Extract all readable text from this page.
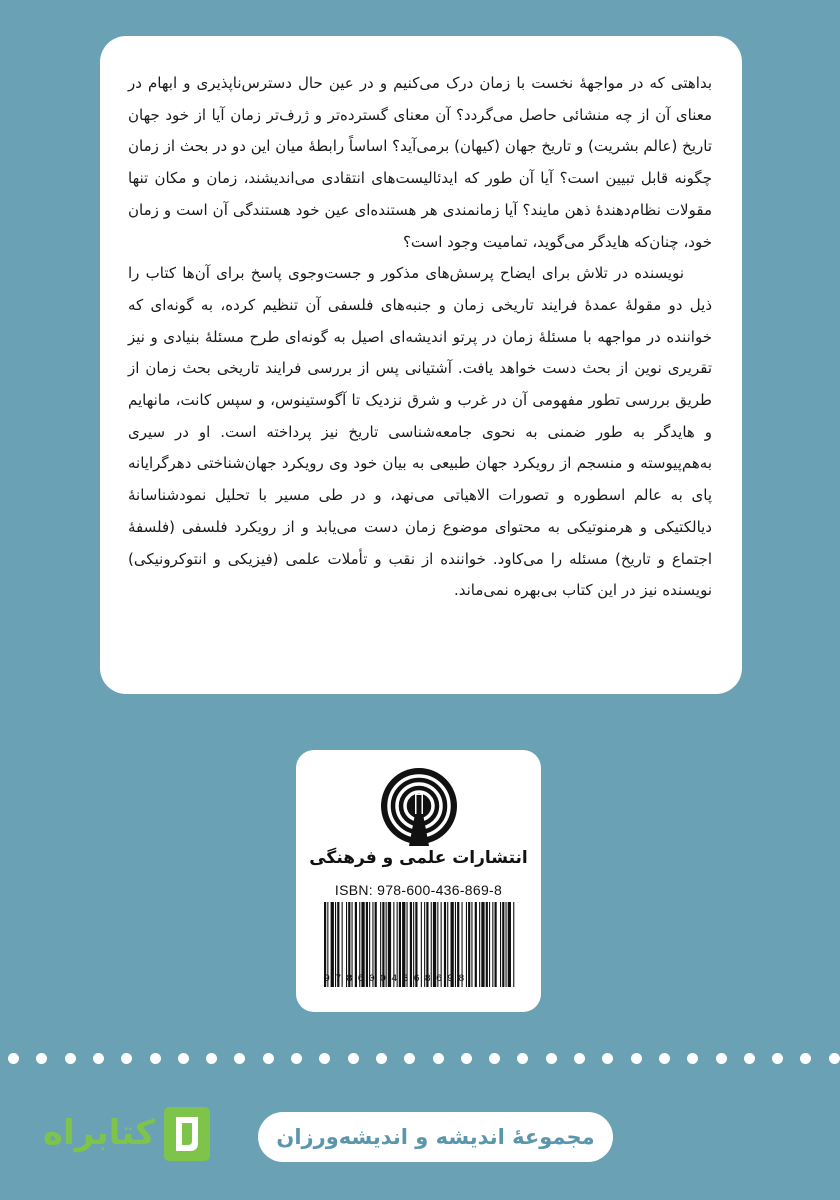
بداهتی که در مواجههٔ نخست با زمان درک می‌کنیم و در عین حال دسترس‌ناپذیری و ابهام در معنای آن از چه منشائی حاصل می‌گردد؟ آن معنای گسترده‌تر و ژرف‌تر زمان آیا از خود جهان تاریخ (عالم بشریت) و تاریخ جهان (کیهان) برمی‌آید؟ اساساً رابطهٔ میان این دو در بحث از زمان چگونه قابل تبیین است؟ آیا آن طور که ایدئالیست‌های انتقادی می‌اندیشند، زمان و مکان تنها مقولات نظام‌دهندهٔ ذهن مایند؟ آیا زمانمندی هر هستنده‌ای عین خود هستندگی آن است و زمان خود، چنان‌که هایدگر می‌گوید، تمامیت وجود است؟

نویسنده در تلاش برای ایضاح پرسش‌های مذکور و جست‌وجوی پاسخ برای آن‌ها کتاب را ذیل دو مقولهٔ عمدهٔ فرایند تاریخی زمان و جنبه‌های فلسفی آن تنظیم کرده، به گونه‌ای که خواننده در مواجهه با مسئلهٔ زمان در پرتو اندیشه‌ای اصیل به گونه‌ای طرح مسئلهٔ بنیادی و نیز تقریری نوین از بحث دست خواهد یافت. آشتیانی پس از بررسی فرایند تاریخی بحث زمان از طریق بررسی تطور مفهومی آن در غرب و شرق نزدیک تا آگوستینوس، و سپس کانت، مانهایم و هایدگر به طور ضمنی به نحوی جامعه‌شناسی تاریخ نیز پرداخته است. او در سیری به‌هم‌پیوسته و منسجم از رویکرد جهان طبیعی به بیان خود وی رویکرد جهان‌شناختی دهرگرایانه پای به عالم اسطوره و تصورات الاهیاتی می‌نهد، و در طی مسیر با تحلیل نمودشناسانهٔ دیالکتیکی و هرمنوتیکی به محتوای موضوع زمان دست می‌یابد و از رویکرد فلسفی (فلسفهٔ اجتماع و تاریخ) مسئله را می‌کاود. خواننده از نقب و تأملات علمی (فیزیکی و انتوکرونیکی) نویسنده نیز در این کتاب بی‌بهره نمی‌ماند.

انتشارات علمی و فرهنگی
ISBN: 978-600-436-869-8
9786004368698
مجموعهٔ اندیشه و اندیشه‌ورزان
کتابراه
